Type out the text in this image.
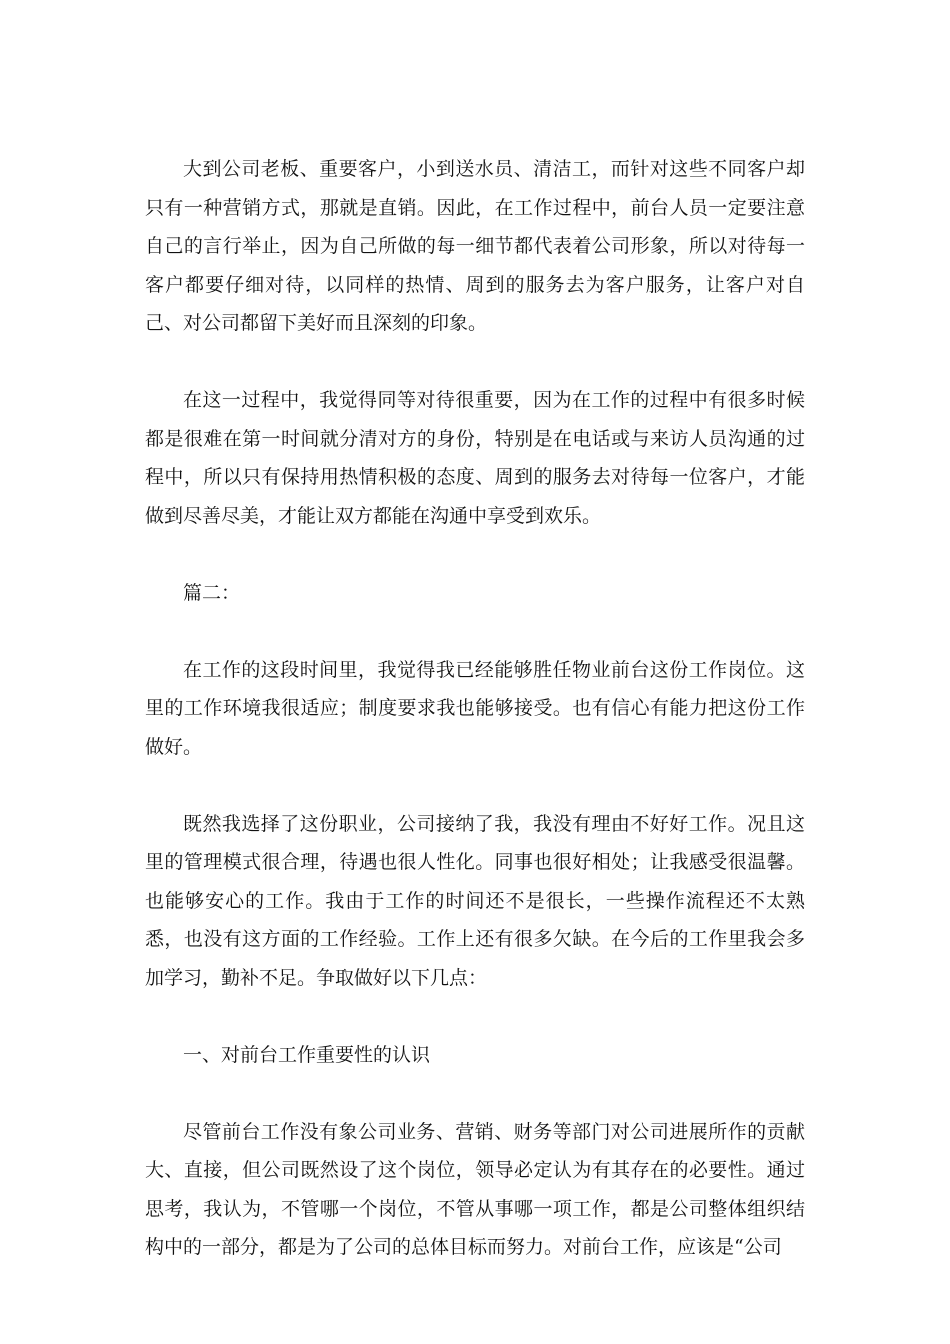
大到公司老板、重要客户，小到送水员、清洁工，而针对这些不同客户却只有一种营销方式，那就是直销。因此，在工作过程中，前台人员一定要注意自己的言行举止，因为自己所做的每一细节都代表着公司形象，所以对待每一客户都要仔细对待，以同样的热情、周到的服务去为客户服务，让客户对自己、对公司都留下美好而且深刻的印象。

在这一过程中，我觉得同等对待很重要，因为在工作的过程中有很多时候都是很难在第一时间就分清对方的身份，特别是在电话或与来访人员沟通的过程中，所以只有保持用热情积极的态度、周到的服务去对待每一位客户，才能做到尽善尽美，才能让双方都能在沟通中享受到欢乐。

篇二：

在工作的这段时间里，我觉得我已经能够胜任物业前台这份工作岗位。这里的工作环境我很适应；制度要求我也能够接受。也有信心有能力把这份工作做好。

既然我选择了这份职业，公司接纳了我，我没有理由不好好工作。况且这里的管理模式很合理，待遇也很人性化。同事也很好相处；让我感受很温馨。也能够安心的工作。我由于工作的时间还不是很长，一些操作流程还不太熟悉，也没有这方面的工作经验。工作上还有很多欠缺。在今后的工作里我会多加学习，勤补不足。争取做好以下几点：

一、对前台工作重要性的认识

尽管前台工作没有象公司业务、营销、财务等部门对公司进展所作的贡献大、直接，但公司既然设了这个岗位，领导必定认为有其存在的必要性。通过思考，我认为，不管哪一个岗位，不管从事哪一项工作，都是公司整体组织结构中的一部分，都是为了公司的总体目标而努力。对前台工作，应该是“公司
